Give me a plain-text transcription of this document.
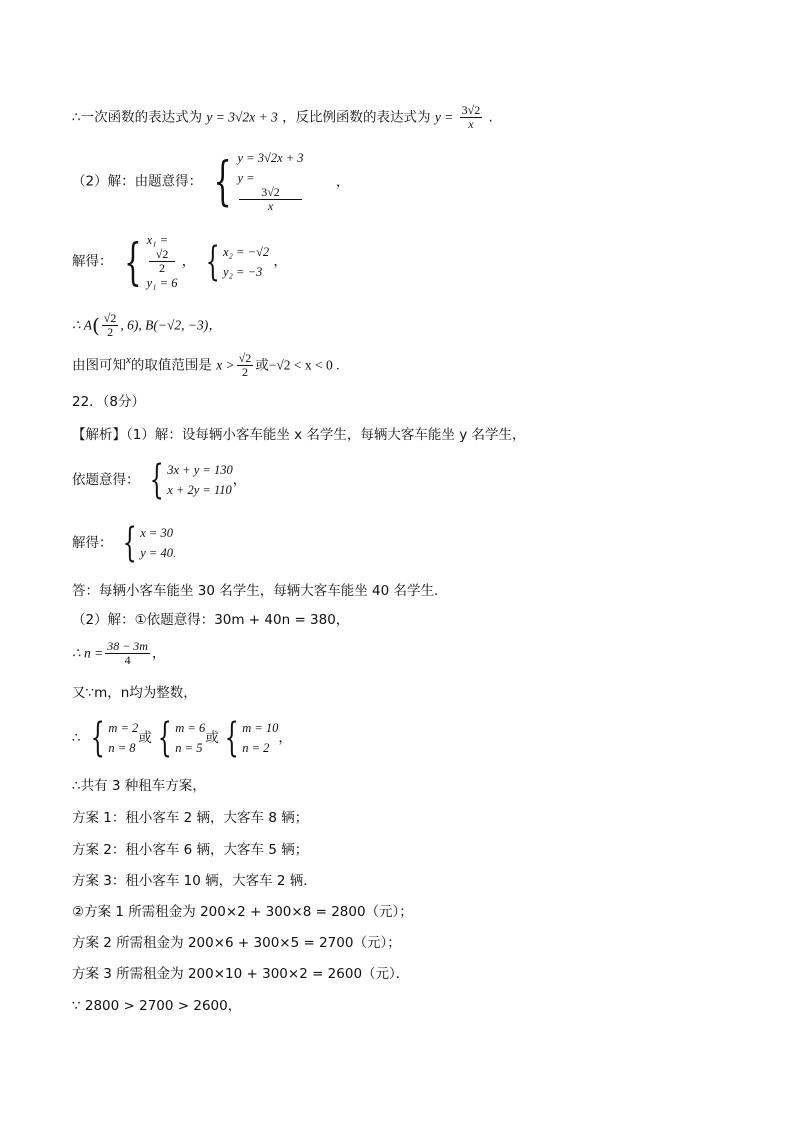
∴一次函数的表达式为 y = 3√2x + 3 ，反比例函数的表达式为 $y = \frac{3√2}{x}$ .
（2）解：由题意得： { y = 3√2x + 3
y =
3√2
x
，
解得： { x₁ =
√2
2
y₁ = 6
， { x₂ = −√2
y₂ = −3
，
∴ $A( \frac{√2}{2}$ , 6), B(−√2, −3)，
由图可知$^x$的取值范围是 $x > \frac{√2}{2}$ 或−√2 < x < 0 .
22．（8分）
【解析】（1）解：设每辆小客车能坐 x 名学生，每辆大客车能坐 y 名学生，
依题意得： { 3x + y = 130
x + 2y = 110
，
解得： { x = 30
y = 40 ．
答：每辆小客车能坐 30 名学生，每辆大客车能坐 40 名学生．
（2）解：①依题意得：30m + 40n = 380，
∴ $n = \frac{38 - 3m}{4}$ ，
又∵m，n均为整数，
∴ { m = 2
n = 8
或 { m = 6
n = 5
或 { m = 10
n = 2
，
∴共有 3 种租车方案，
方案 1：租小客车 2 辆，大客车 8 辆；
方案 2：租小客车 6 辆，大客车 5 辆；
方案 3：租小客车 10 辆，大客车 2 辆．
②方案 1 所需租金为 200×2 + 300×8 = 2800（元）；
方案 2 所需租金为 200×6 + 300×5 = 2700（元）；
方案 3 所需租金为 200×10 + 300×2 = 2600（元）．
∵ 2800 > 2700 > 2600，
